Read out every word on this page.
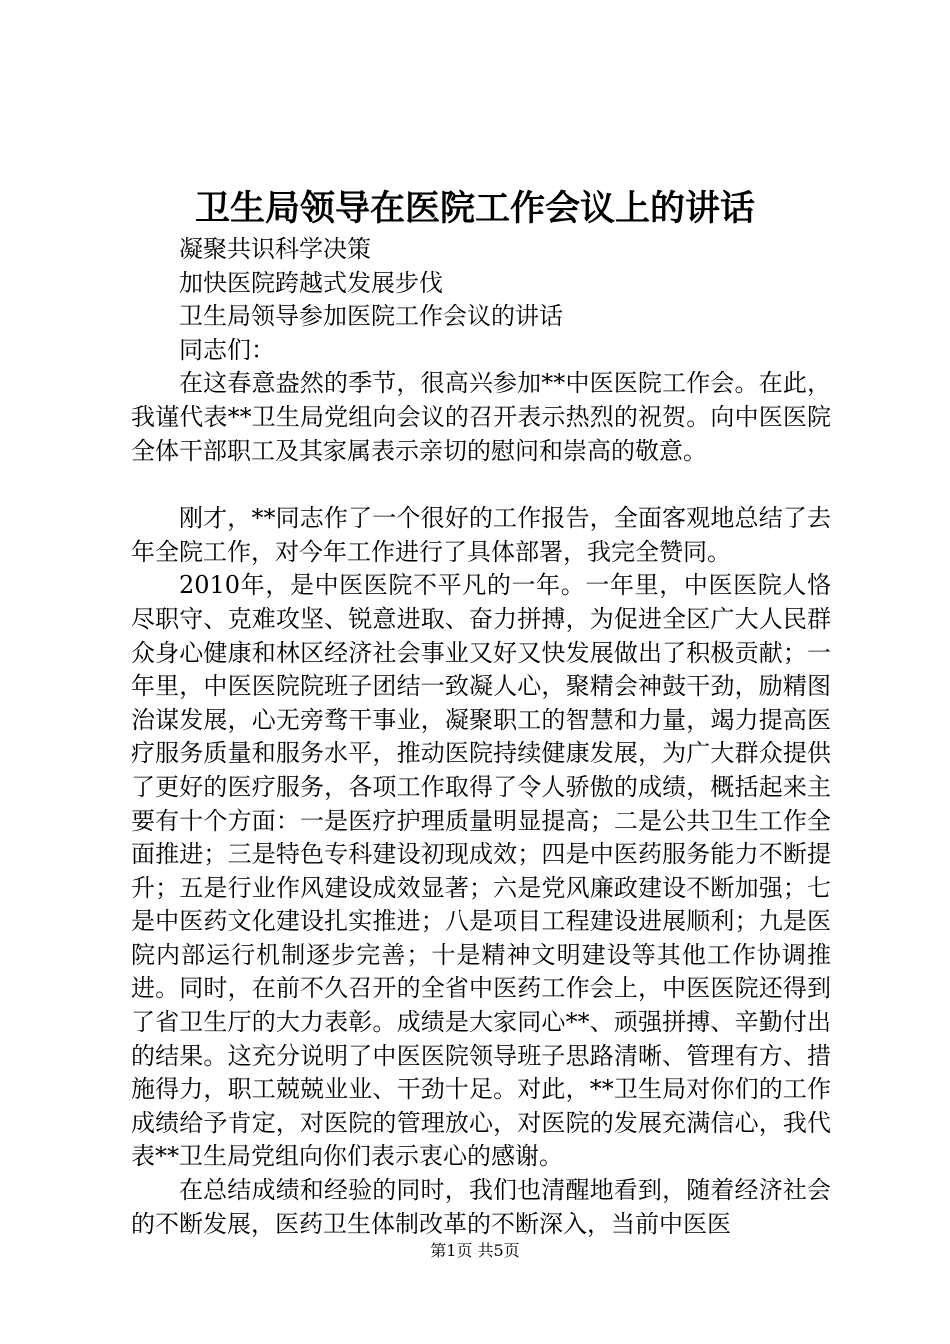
卫生局领导在医院工作会议上的讲话
凝聚共识科学决策
加快医院跨越式发展步伐
卫生局领导参加医院工作会议的讲话
同志们：

在这春意盎然的季节，很高兴参加**中医医院工作会。在此，我谨代表**卫生局党组向会议的召开表示热烈的祝贺。向中医医院全体干部职工及其家属表示亲切的慰问和崇高的敬意。

刚才，**同志作了一个很好的工作报告，全面客观地总结了去年全院工作，对今年工作进行了具体部署，我完全赞同。

2010年，是中医医院不平凡的一年。一年里，中医医院人恪尽职守、克难攻坚、锐意进取、奋力拼搏，为促进全区广大人民群众身心健康和林区经济社会事业又好又快发展做出了积极贡献；一年里，中医医院院班子团结一致凝人心，聚精会神鼓干劲，励精图治谋发展，心无旁骛干事业，凝聚职工的智慧和力量，竭力提高医疗服务质量和服务水平，推动医院持续健康发展，为广大群众提供了更好的医疗服务，各项工作取得了令人骄傲的成绩，概括起来主要有十个方面：一是医疗护理质量明显提高；二是公共卫生工作全面推进；三是特色专科建设初现成效；四是中医药服务能力不断提升；五是行业作风建设成效显著；六是党风廉政建设不断加强；七是中医药文化建设扎实推进；八是项目工程建设进展顺利；九是医院内部运行机制逐步完善；十是精神文明建设等其他工作协调推进。同时，在前不久召开的全省中医药工作会上，中医医院还得到了省卫生厅的大力表彰。成绩是大家同心**、顽强拼搏、辛勤付出的结果。这充分说明了中医医院领导班子思路清晰、管理有方、措施得力，职工兢兢业业、干劲十足。对此，**卫生局对你们的工作成绩给予肯定，对医院的管理放心，对医院的发展充满信心，我代表**卫生局党组向你们表示衷心的感谢。

在总结成绩和经验的同时，我们也清醒地看到，随着经济社会的不断发展，医药卫生体制改革的不断深入，当前中医医

第1页 共5页
